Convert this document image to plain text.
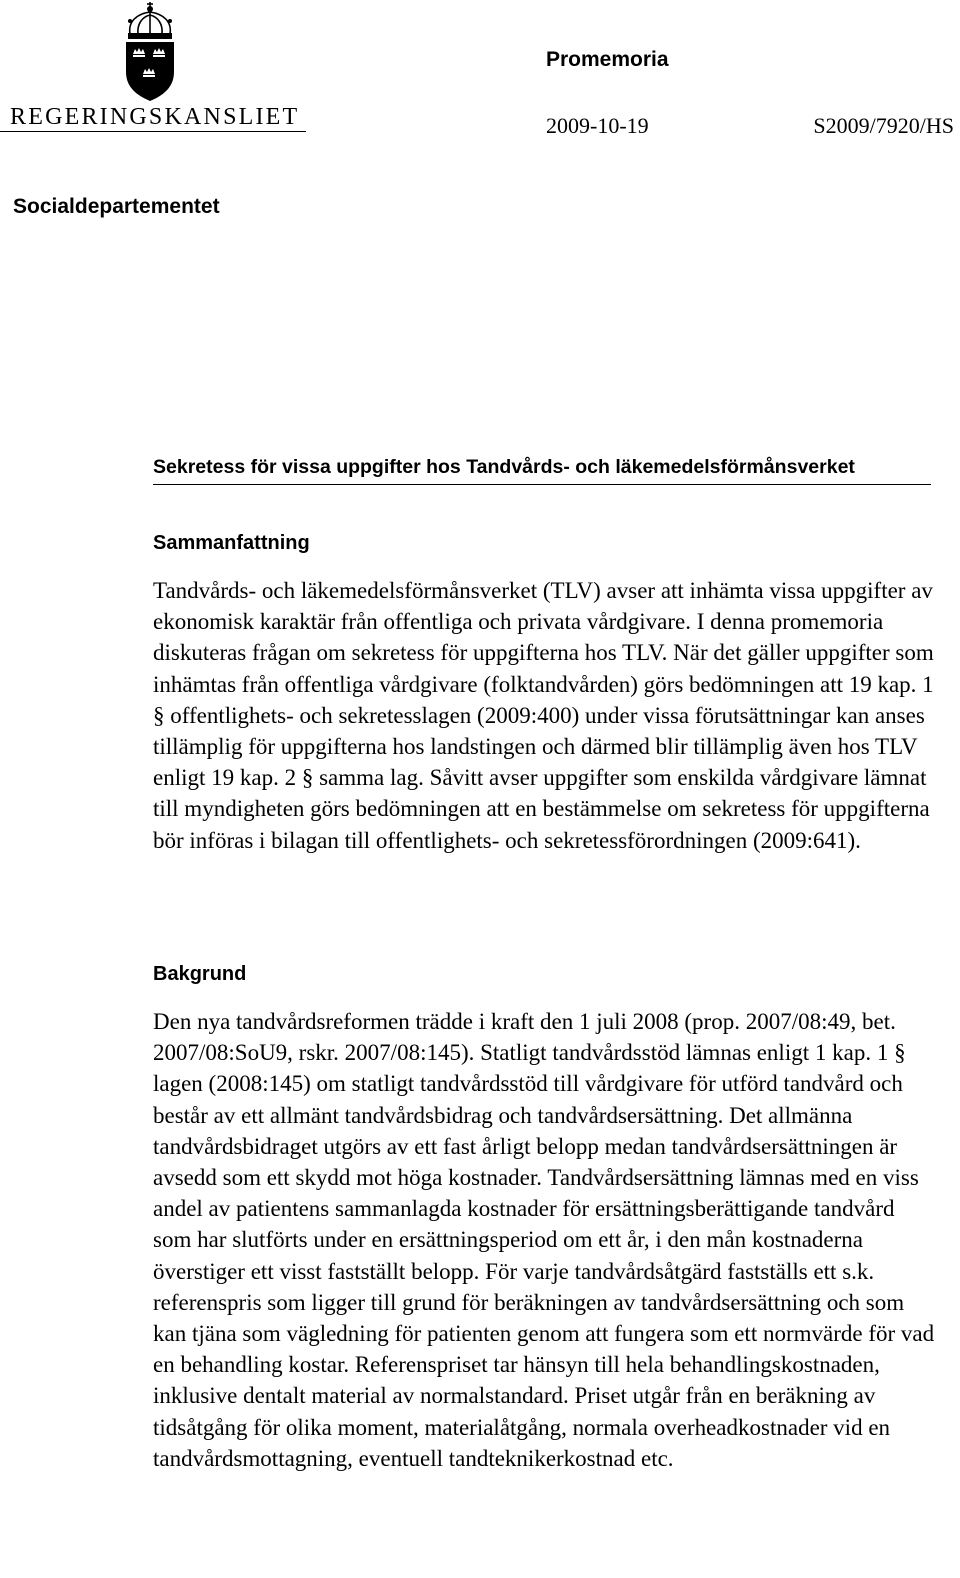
REGERINGSKANSLIET
Promemoria
2009-10-19	S2009/7920/HS
Socialdepartementet
Sekretess för vissa uppgifter hos Tandvårds- och läkemedelsförmånsverket
Sammanfattning

Tandvårds- och läkemedelsförmånsverket (TLV) avser att inhämta vissa uppgifter av ekonomisk karaktär från offentliga och privata vårdgivare. I denna promemoria diskuteras frågan om sekretess för uppgifterna hos TLV. När det gäller uppgifter som inhämtas från offentliga vårdgivare (folktandvården) görs bedömningen att 19 kap. 1 § offentlighets- och sekretesslagen (2009:400) under vissa förutsättningar kan anses tillämplig för uppgifterna hos landstingen och därmed blir tillämplig även hos TLV enligt 19 kap. 2 § samma lag. Såvitt avser uppgifter som enskilda vårdgivare lämnat till myndigheten görs bedömningen att en bestämmelse om sekretess för uppgifterna bör införas i bilagan till offentlighets- och sekretessförordningen (2009:641).

Bakgrund

Den nya tandvårdsreformen trädde i kraft den 1 juli 2008 (prop. 2007/08:49, bet. 2007/08:SoU9, rskr. 2007/08:145). Statligt tandvårdsstöd lämnas enligt 1 kap. 1 § lagen (2008:145) om statligt tandvårdsstöd till vårdgivare för utförd tandvård och består av ett allmänt tandvårdsbidrag och tandvårdsersättning. Det allmänna tandvårdsbidraget utgörs av ett fast årligt belopp medan tandvårdsersättningen är avsedd som ett skydd mot höga kostnader. Tandvårdsersättning lämnas med en viss andel av patientens sammanlagda kostnader för ersättningsberättigande tandvård som har slutförts under en ersättningsperiod om ett år, i den mån kostnaderna överstiger ett visst fastställt belopp. För varje tandvårdsåtgärd fastställs ett s.k. referenspris som ligger till grund för beräkningen av tandvårdsersättning och som kan tjäna som vägledning för patienten genom att fungera som ett normvärde för vad en behandling kostar. Referenspriset tar hänsyn till hela behandlingskostnaden, inklusive dentalt material av normalstandard. Priset utgår från en beräkning av tidsåtgång för olika moment, materialåtgång, normala overheadkostnader vid en tandvårdsmottagning, eventuell tandteknikerkostnad etc.
